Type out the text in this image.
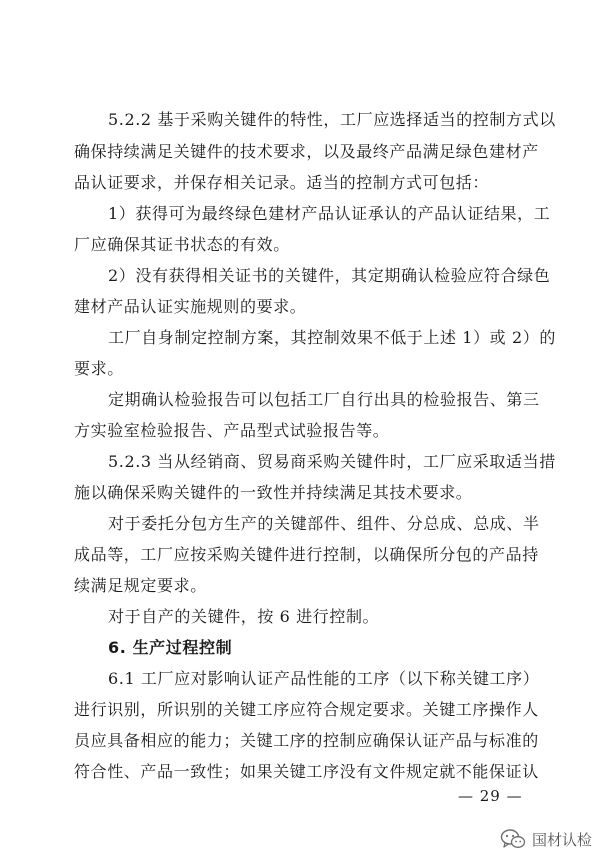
5.2.2 基于采购关键件的特性，工厂应选择适当的控制方式以
确保持续满足关键件的技术要求，以及最终产品满足绿色建材产
品认证要求，并保存相关记录。适当的控制方式可包括：
1）获得可为最终绿色建材产品认证承认的产品认证结果，工
厂应确保其证书状态的有效。
2）没有获得相关证书的关键件，其定期确认检验应符合绿色
建材产品认证实施规则的要求。
工厂自身制定控制方案，其控制效果不低于上述 1）或 2）的
要求。
定期确认检验报告可以包括工厂自行出具的检验报告、第三
方实验室检验报告、产品型式试验报告等。
5.2.3 当从经销商、贸易商采购关键件时，工厂应采取适当措
施以确保采购关键件的一致性并持续满足其技术要求。
对于委托分包方生产的关键部件、组件、分总成、总成、半
成品等，工厂应按采购关键件进行控制，以确保所分包的产品持
续满足规定要求。
对于自产的关键件，按 6 进行控制。
6. 生产过程控制
6.1 工厂应对影响认证产品性能的工序（以下称关键工序）
进行识别，所识别的关键工序应符合规定要求。关键工序操作人
员应具备相应的能力；关键工序的控制应确保认证产品与标准的
符合性、产品一致性；如果关键工序没有文件规定就不能保证认
— 29 —
国材认检
